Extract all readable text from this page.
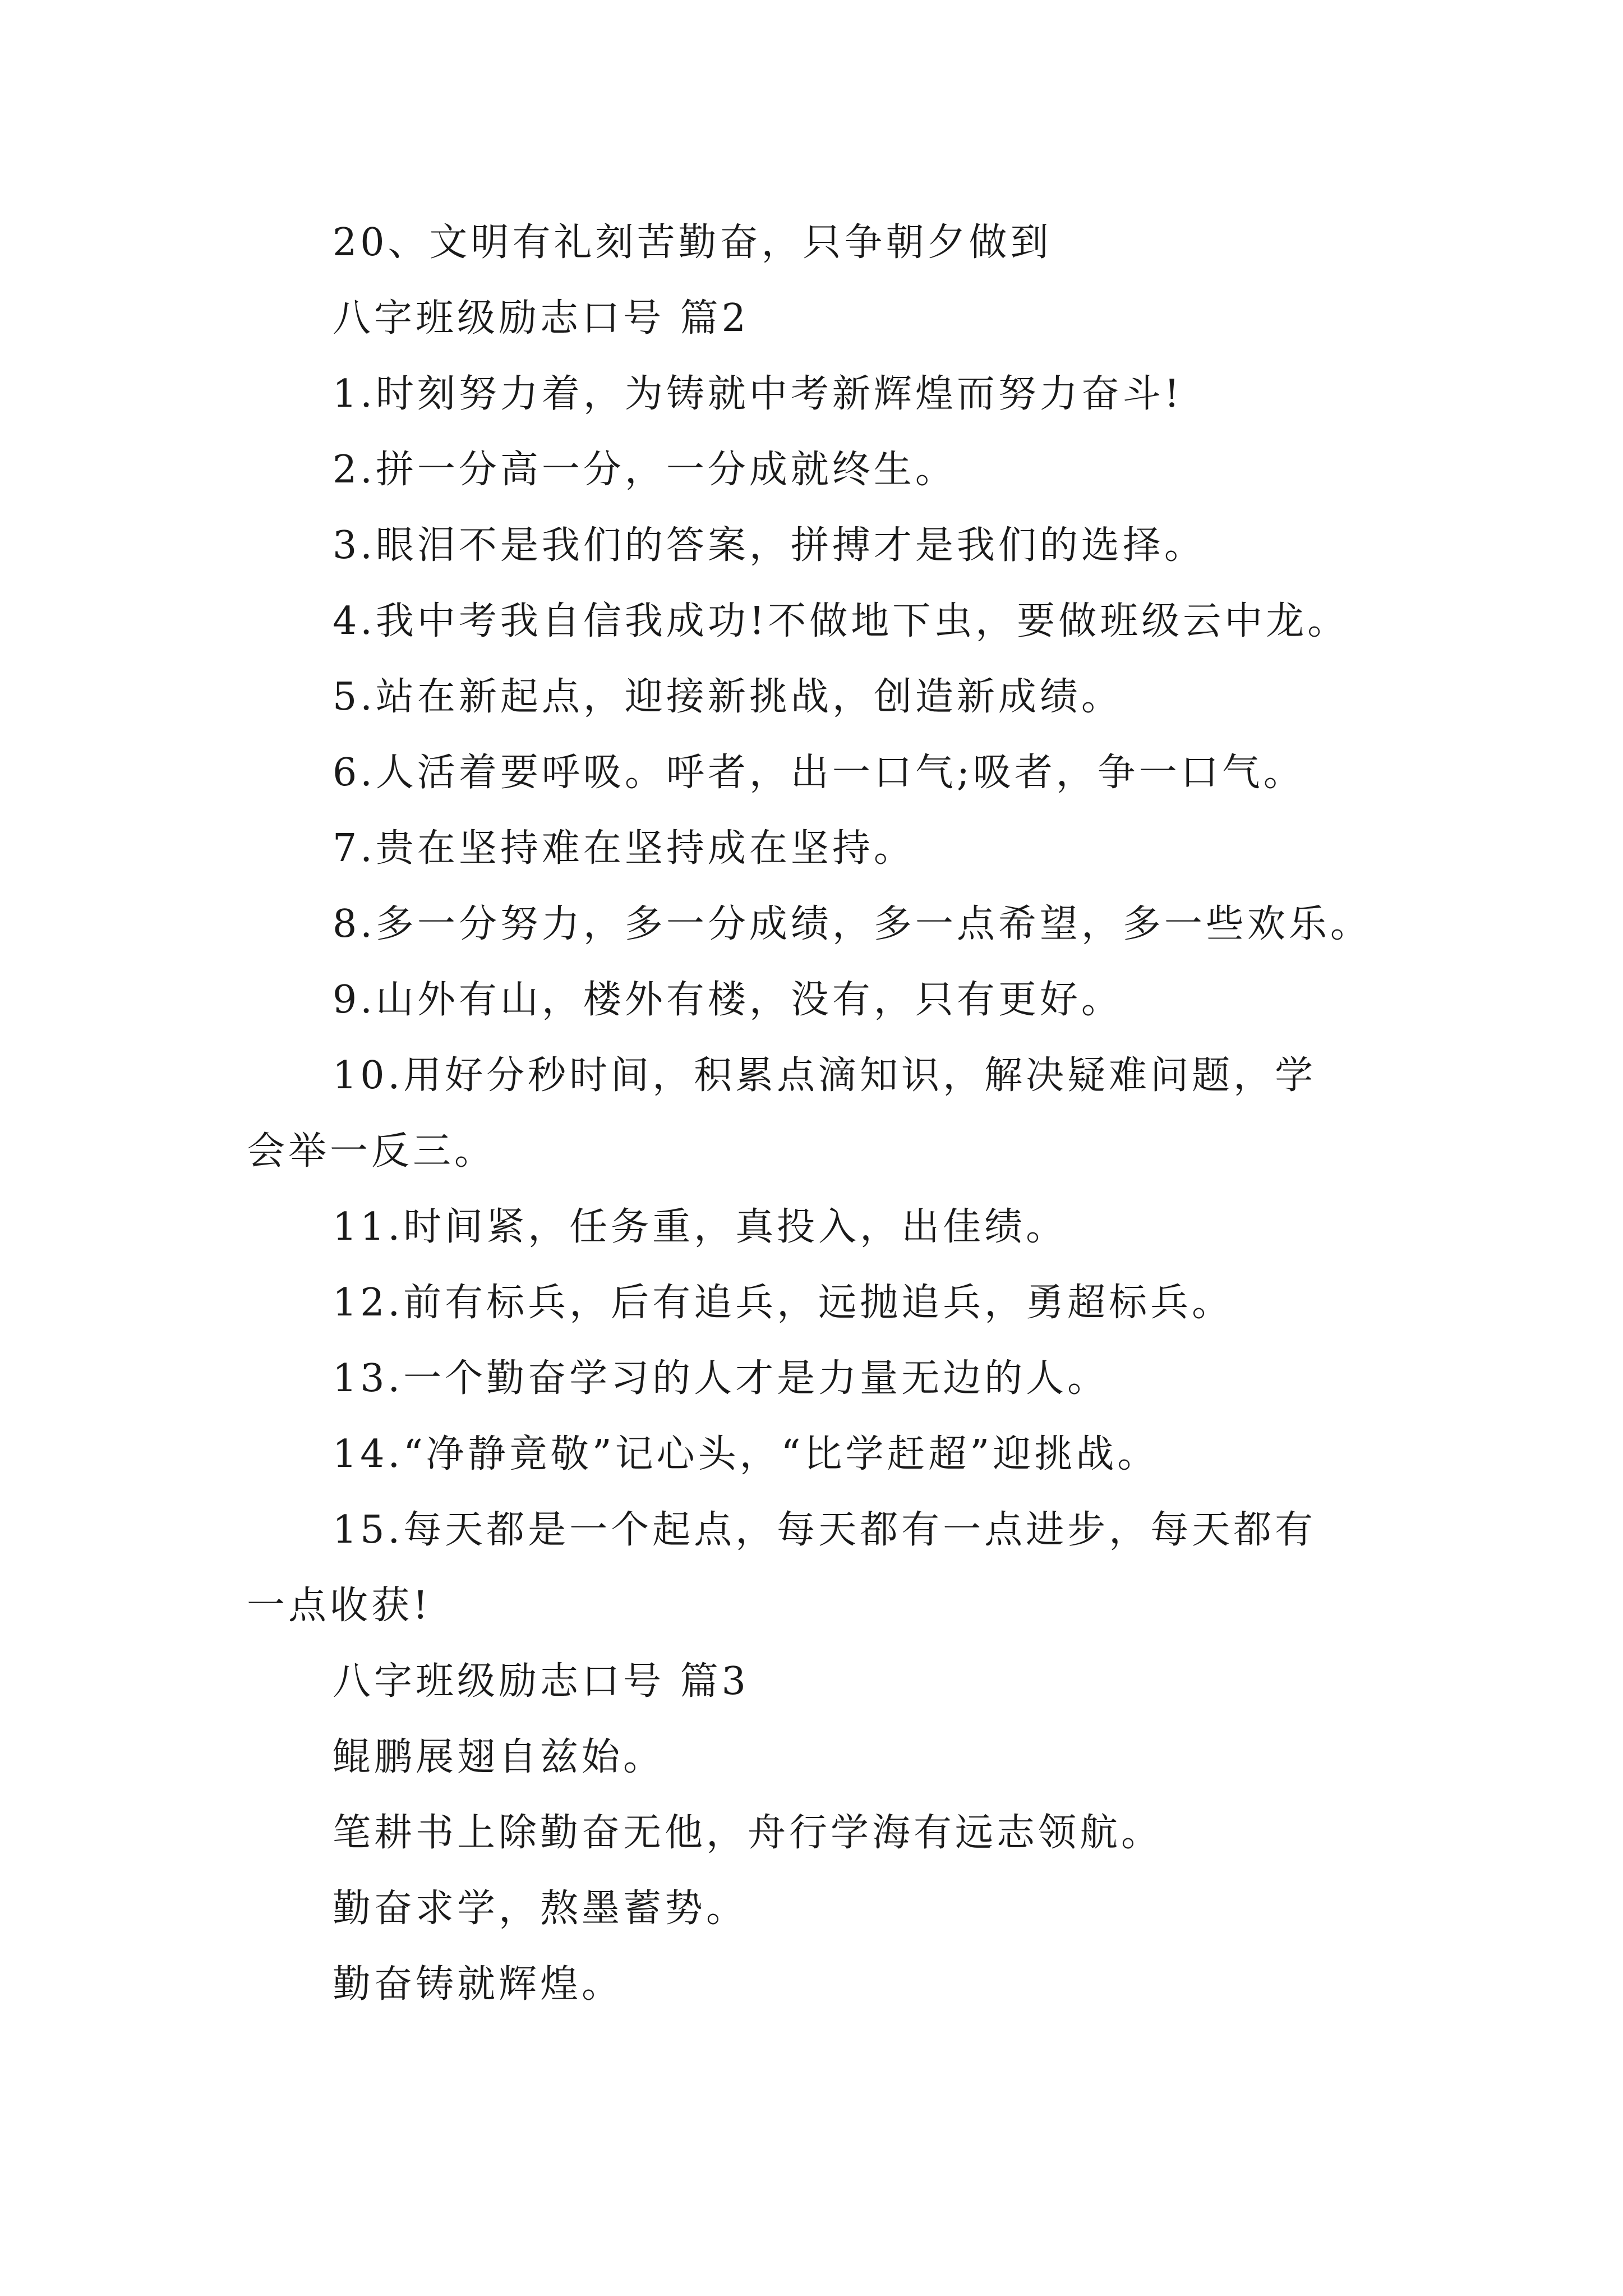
20、文明有礼刻苦勤奋，只争朝夕做到
八字班级励志口号 篇2
1.时刻努力着，为铸就中考新辉煌而努力奋斗!
2.拼一分高一分，一分成就终生。
3.眼泪不是我们的答案，拼搏才是我们的选择。
4.我中考我自信我成功!不做地下虫，要做班级云中龙。
5.站在新起点，迎接新挑战，创造新成绩。
6.人活着要呼吸。呼者，出一口气;吸者，争一口气。
7.贵在坚持难在坚持成在坚持。
8.多一分努力，多一分成绩，多一点希望，多一些欢乐。
9.山外有山，楼外有楼，没有，只有更好。
10.用好分秒时间，积累点滴知识，解决疑难问题，学
会举一反三。
11.时间紧，任务重，真投入，出佳绩。
12.前有标兵，后有追兵，远抛追兵，勇超标兵。
13.一个勤奋学习的人才是力量无边的人。
14.“净静竟敬”记心头，“比学赶超”迎挑战。
15.每天都是一个起点，每天都有一点进步，每天都有
一点收获!
八字班级励志口号 篇3
鲲鹏展翅自兹始。
笔耕书上除勤奋无他，舟行学海有远志领航。
勤奋求学，熬墨蓄势。
勤奋铸就辉煌。
